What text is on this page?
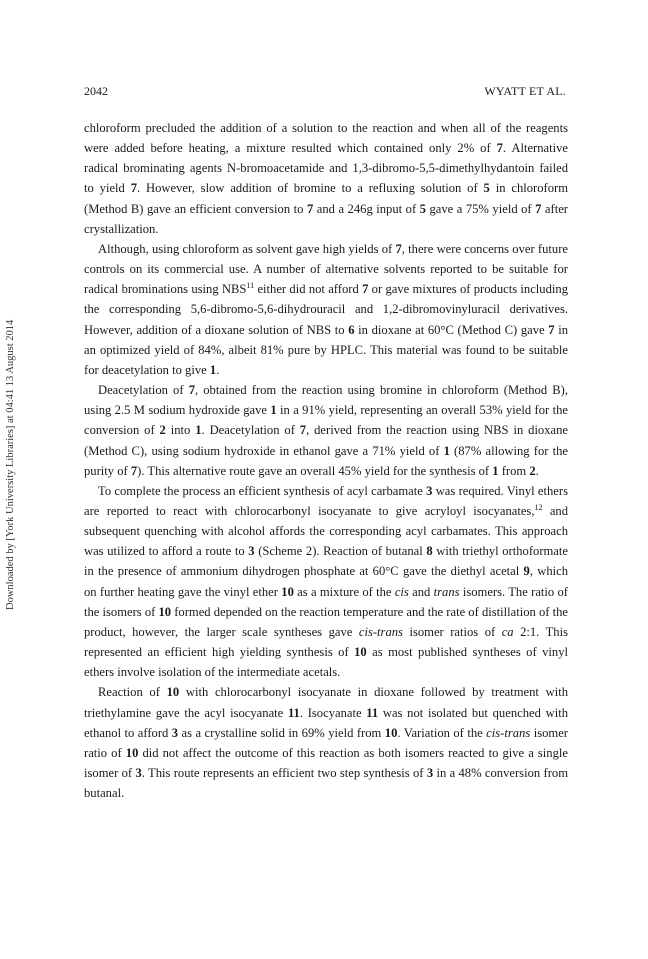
2042	WYATT ET AL.
Downloaded by [York University Libraries] at 04:41 13 August 2014

chloroform precluded the addition of a solution to the reaction and when all of the reagents were added before heating, a mixture resulted which contained only 2% of 7. Alternative radical brominating agents N-bromoacetamide and 1,3-dibromo-5,5-dimethylhydantoin failed to yield 7. However, slow addition of bromine to a refluxing solution of 5 in chloroform (Method B) gave an efficient conversion to 7 and a 246g input of 5 gave a 75% yield of 7 after crystallization.

Although, using chloroform as solvent gave high yields of 7, there were concerns over future controls on its commercial use. A number of alternative solvents reported to be suitable for radical brominations using NBS$^{11}$ either did not afford 7 or gave mixtures of products including the corresponding 5,6-dibromo-5,6-dihydrouracil and 1,2-dibromovinyluracil derivatives. However, addition of a dioxane solution of NBS to 6 in dioxane at 60°C (Method C) gave 7 in an optimized yield of 84%, albeit 81% pure by HPLC. This material was found to be suitable for deacetylation to give 1.

Deacetylation of 7, obtained from the reaction using bromine in chloroform (Method B), using 2.5 M sodium hydroxide gave 1 in a 91% yield, representing an overall 53% yield for the conversion of 2 into 1. Deacetylation of 7, derived from the reaction using NBS in dioxane (Method C), using sodium hydroxide in ethanol gave a 71% yield of 1 (87% allowing for the purity of 7). This alternative route gave an overall 45% yield for the synthesis of 1 from 2.

To complete the process an efficient synthesis of acyl carbamate 3 was required. Vinyl ethers are reported to react with chlorocarbonyl isocyanate to give acryloyl isocyanates,$^{12}$ and subsequent quenching with alcohol affords the corresponding acyl carbamates. This approach was utilized to afford a route to 3 (Scheme 2). Reaction of butanal 8 with triethyl orthoformate in the presence of ammonium dihydrogen phosphate at 60°C gave the diethyl acetal 9, which on further heating gave the vinyl ether 10 as a mixture of the cis and trans isomers. The ratio of the isomers of 10 formed depended on the reaction temperature and the rate of distillation of the product, however, the larger scale syntheses gave cis-trans isomer ratios of ca 2:1. This represented an efficient high yielding synthesis of 10 as most published syntheses of vinyl ethers involve isolation of the intermediate acetals.

Reaction of 10 with chlorocarbonyl isocyanate in dioxane followed by treatment with triethylamine gave the acyl isocyanate 11. Isocyanate 11 was not isolated but quenched with ethanol to afford 3 as a crystalline solid in 69% yield from 10. Variation of the cis-trans isomer ratio of 10 did not affect the outcome of this reaction as both isomers reacted to give a single isomer of 3. This route represents an efficient two step synthesis of 3 in a 48% conversion from butanal.
